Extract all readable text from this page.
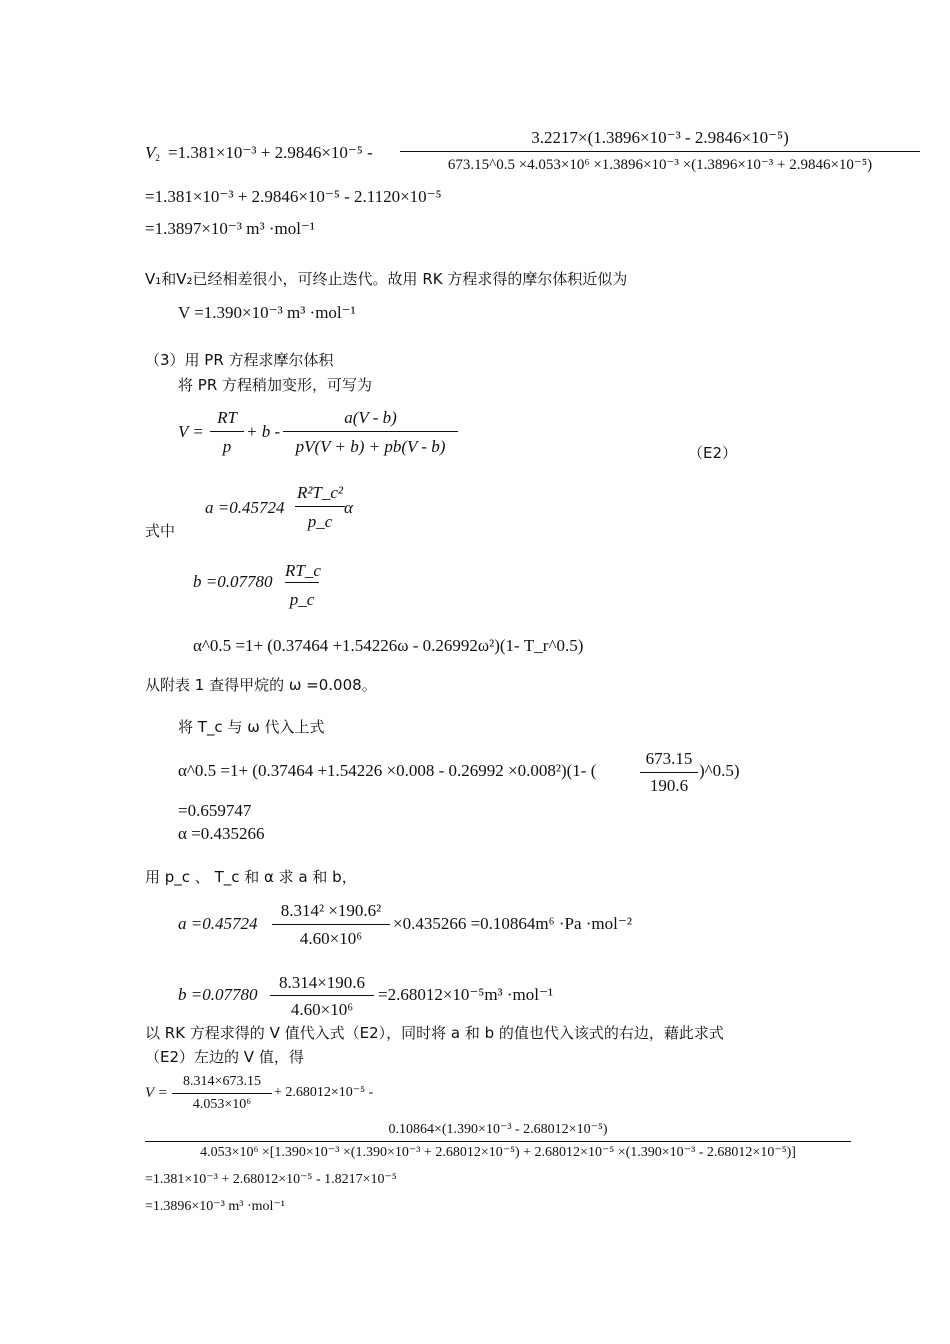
$V_2 =1.381\times 10^{-3} + 2.9846\times 10^{-5}$ -
3.2217×(1.3896×10⁻³ - 2.9846×10⁻⁵)
673.15^0.5 ×4.053×10⁶ ×1.3896×10⁻³ ×(1.3896×10⁻³ + 2.9846×10⁻⁵)
=1.381×10⁻³ + 2.9846×10⁻⁵ - 2.1120×10⁻⁵
=1.3897×10⁻³ m³ ·mol⁻¹
V₁和V₂已经相差很小，可终止迭代。故用 RK 方程求得的摩尔体积近似为
V =1.390×10⁻³ m³ ·mol⁻¹
（3）用 PR 方程求摩尔体积
将 PR 方程稍加变形，可写为
V =
RT
p
+ b -
a(V - b)
pV(V + b) + pb(V - b)	（E2）
a =0.45724
R²T_c²
p_c
α
式中
b =0.07780
RT_c
p_c
α^0.5 =1+ (0.37464 +1.54226ω - 0.26992ω²)(1- T_r^0.5)
从附表 1 查得甲烷的 ω =0.008。
将 T_c 与 ω 代入上式
α^0.5 =1+ (0.37464 +1.54226 ×0.008 - 0.26992 ×0.008²)(1- (
673.15
190.6
)^0.5)
=0.659747
α =0.435266
用 p_c 、 T_c 和 α 求 a 和 b，
a =0.45724
8.314² ×190.6²
4.60×10⁶
×0.435266 =0.10864m⁶ ·Pa ·mol⁻²
b =0.07780
8.314×190.6
4.60×10⁶
=2.68012×10⁻⁵m³ ·mol⁻¹
以 RK 方程求得的 V 值代入式（E2），同时将 a 和 b 的值也代入该式的右边，藉此求式
（E2）左边的 V 值，得
V =
8.314×673.15
4.053×10⁶
+ 2.68012×10⁻⁵ -
0.10864×(1.390×10⁻³ - 2.68012×10⁻⁵)
4.053×10⁶ ×[1.390×10⁻³ ×(1.390×10⁻³ + 2.68012×10⁻⁵) + 2.68012×10⁻⁵ ×(1.390×10⁻³ - 2.68012×10⁻⁵)]
=1.381×10⁻³ + 2.68012×10⁻⁵ - 1.8217×10⁻⁵
=1.3896×10⁻³ m³ ·mol⁻¹
